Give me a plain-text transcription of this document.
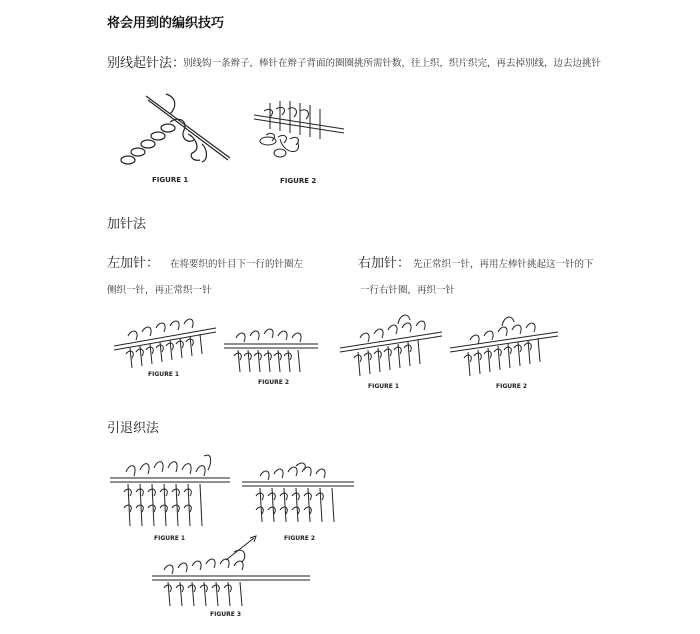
将会用到的编织技巧
别线起针法：
别线钩一条辫子，棒针在辫子背面的圈圈挑所需针数，往上织，织片织完，再去掉别线，边去边挑针
FIGURE 1	FIGURE 2
加针法
左加针： 在将要织的针目下一行的针圈左
侧织一针，再正常织一针
右加针： 先正常织一针，再用左棒针挑起这一针的下
一行右针圈，再织一针
FIGURE 1
FIGURE 2
FIGURE 1	FIGURE 2
引退织法
FIGURE 1	FIGURE 2
FIGURE 3
